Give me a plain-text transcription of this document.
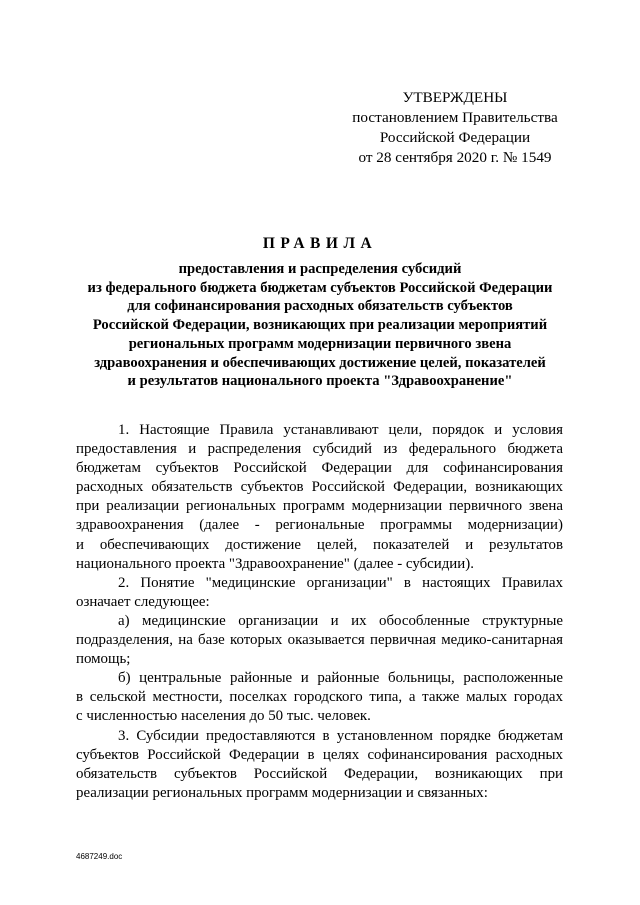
УТВЕРЖДЕНЫ
постановлением Правительства
Российской Федерации
от 28 сентября 2020 г. № 1549
ПРАВИЛА
предоставления и распределения субсидий
из федерального бюджета бюджетам субъектов Российской Федерации
для софинансирования расходных обязательств субъектов
Российской Федерации, возникающих при реализации мероприятий
региональных программ модернизации первичного звена
здравоохранения и обеспечивающих достижение целей, показателей
и результатов национального проекта "Здравоохранение"
1. Настоящие Правила устанавливают цели, порядок и условия
предоставления и распределения субсидий из федерального бюджета
бюджетам субъектов Российской Федерации для софинансирования
расходных обязательств субъектов Российской Федерации, возникающих
при реализации региональных программ модернизации первичного звена
здравоохранения (далее - региональные программы модернизации)
и обеспечивающих достижение целей, показателей и результатов
национального проекта "Здравоохранение" (далее - субсидии).
2. Понятие "медицинские организации" в настоящих Правилах
означает следующее:
а) медицинские организации и их обособленные структурные
подразделения, на базе которых оказывается первичная медико-санитарная
помощь;
б) центральные районные и районные больницы, расположенные
в сельской местности, поселках городского типа, а также малых городах
с численностью населения до 50 тыс. человек.
3. Субсидии предоставляются в установленном порядке бюджетам
субъектов Российской Федерации в целях софинансирования расходных
обязательств субъектов Российской Федерации, возникающих при
реализации региональных программ модернизации и связанных:
4687249.doc
